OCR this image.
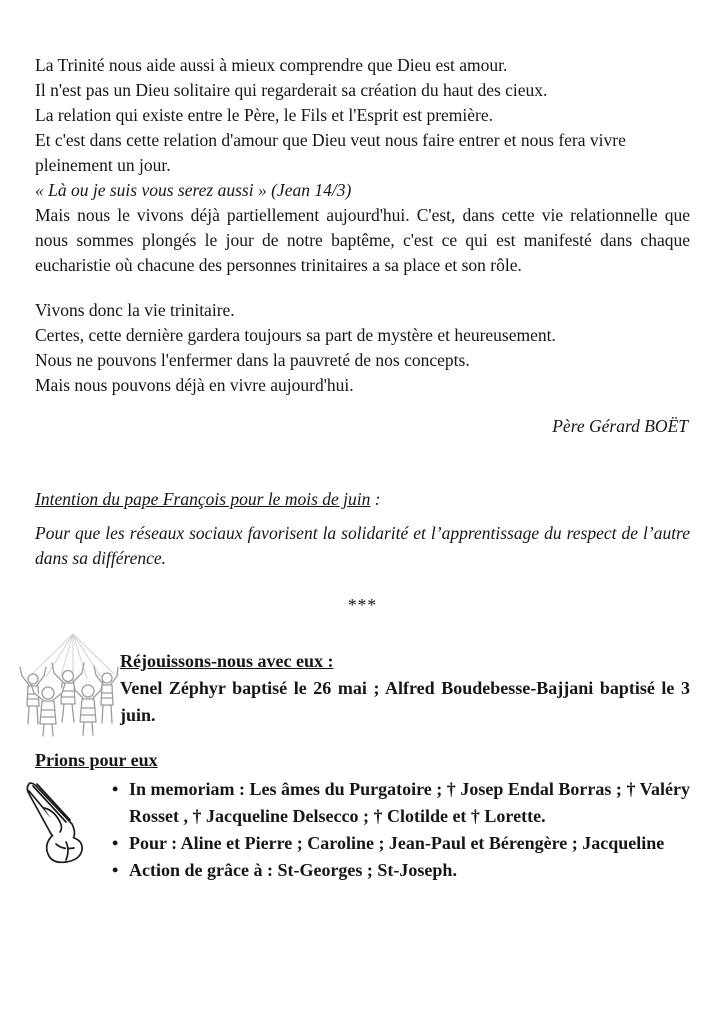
La Trinité nous aide aussi à mieux comprendre que Dieu est amour.
Il n'est pas un Dieu solitaire qui regarderait sa création du haut des cieux.
La relation qui existe entre le Père, le Fils et l'Esprit est première.
Et c'est dans cette relation d'amour que Dieu veut nous faire entrer et nous fera vivre pleinement un jour.
« Là ou je suis vous serez aussi » (Jean 14/3)
Mais nous le vivons déjà partiellement aujourd'hui. C'est, dans cette vie relationnelle que nous sommes plongés le jour de notre baptême, c'est ce qui est manifesté dans chaque eucharistie où chacune des personnes trinitaires a sa place et son rôle.
Vivons donc la vie trinitaire.
Certes, cette dernière gardera toujours sa part de mystère et heureusement.
Nous ne pouvons l'enfermer dans la pauvreté de nos concepts.
Mais nous pouvons déjà en vivre aujourd'hui.
Père Gérard BOËT
Intention du pape François pour le mois de juin :
Pour que les réseaux sociaux favorisent la solidarité et l’apprentissage du respect de l’autre dans sa différence.
***
Réjouissons-nous avec eux :
Venel Zéphyr baptisé le 26 mai ; Alfred Boudebesse-Bajjani baptisé le 3 juin.
Prions pour eux
• In memoriam : Les âmes du Purgatoire ; † Josep Endal Borras ; † Valéry Rosset , † Jacqueline Delsecco ; † Clotilde et † Lorette.
• Pour : Aline et Pierre ; Caroline ; Jean-Paul et Bérengère ; Jacqueline
• Action de grâce à : St-Georges ; St-Joseph.
